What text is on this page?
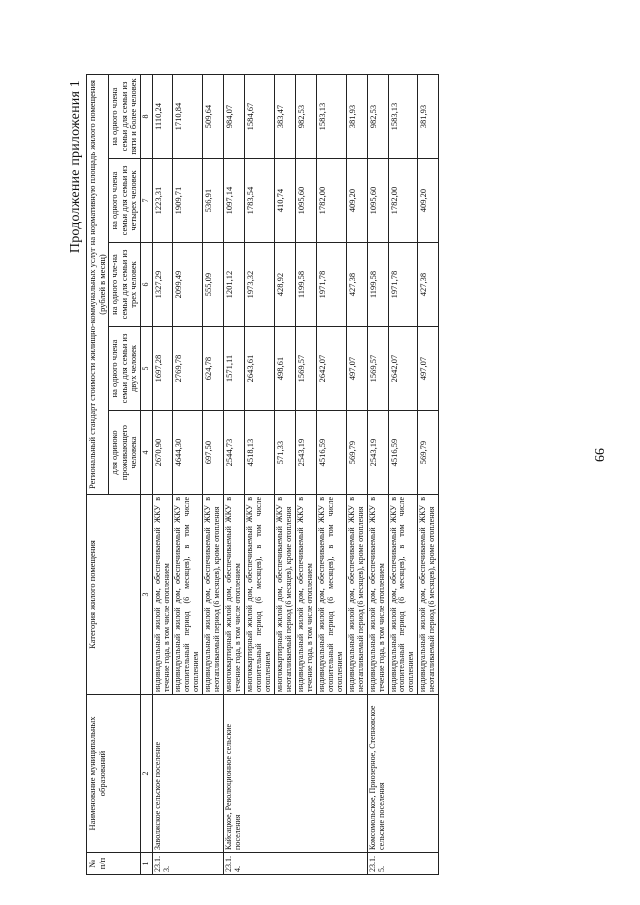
99
Продолжение приложения 1
№ п/п	Наименование муниципальных образований	Категория жилого помещения	Региональный стандарт стоимости жилищно-коммунальных услуг на нормативную площадь жилого помещения (рублей в месяц)				
			для одиноко проживающего человека	на одного члена семьи для семьи из двух человек	на одного чле-на семьи для семьи из трех человек	на одного члена семьи для семьи из четырех человек	на одного члена семьи для семьи из пяти и более человек
1	2	3	4	5	6	7	8
23.1.3.	Заволжское сельское поселение	индивидуальный жилой дом, обеспечиваемый ЖКУ в течение года, в том числе отоплением	2670,90	1697,28	1327,29	1223,31	1110,24
		индивидуальный жилой дом, обеспечиваемый ЖКУ в отопительный период (6 месяцев), в том числе отоплением	4644,30	2769,78	2099,49	1909,71	1710,84
		индивидуальный жилой дом, обеспечиваемый ЖКУ в неотапливаемый период (6 месяцев), кроме отопления	697,50	624,78	555,09	536,91	509,64
23.1.4.	Кайсацкое, Революционное сельские поселения	многоквартирный жилой дом, обеспечиваемый ЖКУ в течение года, в том числе отоплением	2544,73	1571,11	1201,12	1097,14	984,07
		многоквартирный жилой дом, обеспечиваемый ЖКУ в отопительный период (6 месяцев), в том числе отоплением	4518,13	2643,61	1973,32	1783,54	1584,67
		многоквартирный жилой дом, обеспечиваемый ЖКУ в неотапливаемый период (6 месяцев), кроме отопления	571,33	498,61	428,92	410,74	383,47
		индивидуальный жилой дом, обеспечиваемый ЖКУ в течение года, в том числе отоплением	2543,19	1569,57	1199,58	1095,60	982,53
		индивидуальный жилой дом, обеспечиваемый ЖКУ в отопительный период (6 месяцев), в том числе отоплением	4516,59	2642,07	1971,78	1782,00	1583,13
		индивидуальный жилой дом, обеспечиваемый ЖКУ в неотапливаемый период (6 месяцев), кроме отопления	569,79	497,07	427,38	409,20	381,93
23.1.5.	Комсомольское, Приозерное, Степновское сельские поселения	индивидуальный жилой дом, обеспечиваемый ЖКУ в течение года, в том числе отоплением	2543,19	1569,57	1199,58	1095,60	982,53
		индивидуальный жилой дом, обеспечиваемый ЖКУ в отопительный период (6 месяцев), в том числе отоплением	4516,59	2642,07	1971,78	1782,00	1583,13
		индивидуальный жилой дом, обеспечиваемый ЖКУ в неотапливаемый период (6 месяцев), кроме отопления	569,79	497,07	427,38	409,20	381,93
